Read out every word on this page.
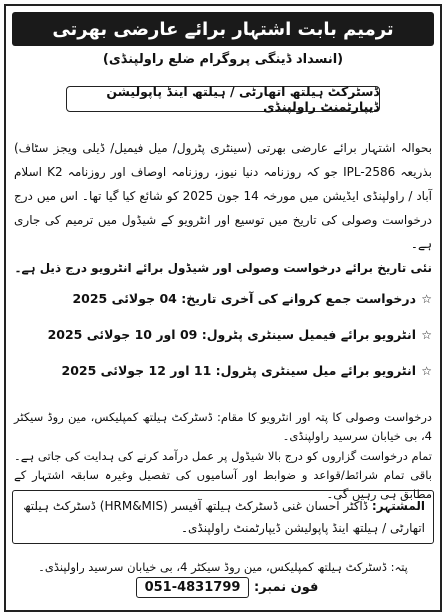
ترمیم بابت اشتہار برائے عارضی بھرتی
(انسداد ڈینگی پروگرام ضلع راولپنڈی)
ڈسٹرکٹ ہیلتھ اتھارٹی / ہیلتھ اینڈ پاپولیشن ڈیپارٹمنٹ راولپنڈی
بحوالہ اشتہار برائے عارضی بھرتی (سینٹری پٹرول/ میل فیمیل/ ڈیلی ویجز سٹاف) بذریعہ IPL-2586 جو کہ روزنامہ دنیا نیوز، روزنامہ اوصاف اور روزنامہ K2 اسلام آباد / راولپنڈی ایڈیشن میں مورخہ 14 جون 2025 کو شائع کیا گیا تھا۔ اس میں درج درخواست وصولی کی تاریخ میں توسیع اور انٹرویو کے شیڈول میں ترمیم کی جاری ہے۔
نئی تاریخ برائے درخواست وصولی اور شیڈول برائے انٹرویو درج ذیل ہے۔
☆
درخواست جمع کروانے کی آخری تاریخ: 04 جولائی 2025
☆
انٹرویو برائے فیمیل سینٹری پٹرول: 09 اور 10 جولائی 2025
☆
انٹرویو برائے میل سینٹری پٹرول: 11 اور 12 جولائی 2025

درخواست وصولی کا پتہ اور انٹرویو کا مقام: ڈسٹرکٹ ہیلتھ کمپلیکس، مین روڈ سیکٹر 4، بی خیابان سرسید راولپنڈی۔

تمام درخواست گزاروں کو درج بالا شیڈول پر عمل درآمد کرنے کی ہدایت کی جاتی ہے۔ باقی تمام شرائط/قواعد و ضوابط اور آسامیوں کی تفصیل وغیرہ سابقہ اشتہار کے مطابق ہی رہیں گی۔

المشتہر: ڈاکٹر احسان غنی ڈسٹرکٹ ہیلتھ آفیسر (HRM&MIS) ڈسٹرکٹ ہیلتھ اتھارٹی / ہیلتھ اینڈ پاپولیشن ڈیپارٹمنٹ راولپنڈی۔
پتہ: ڈسٹرکٹ ہیلتھ کمپلیکس، مین روڈ سیکٹر 4، بی خیابان سرسید راولپنڈی۔
فون نمبر: 051-4831799
